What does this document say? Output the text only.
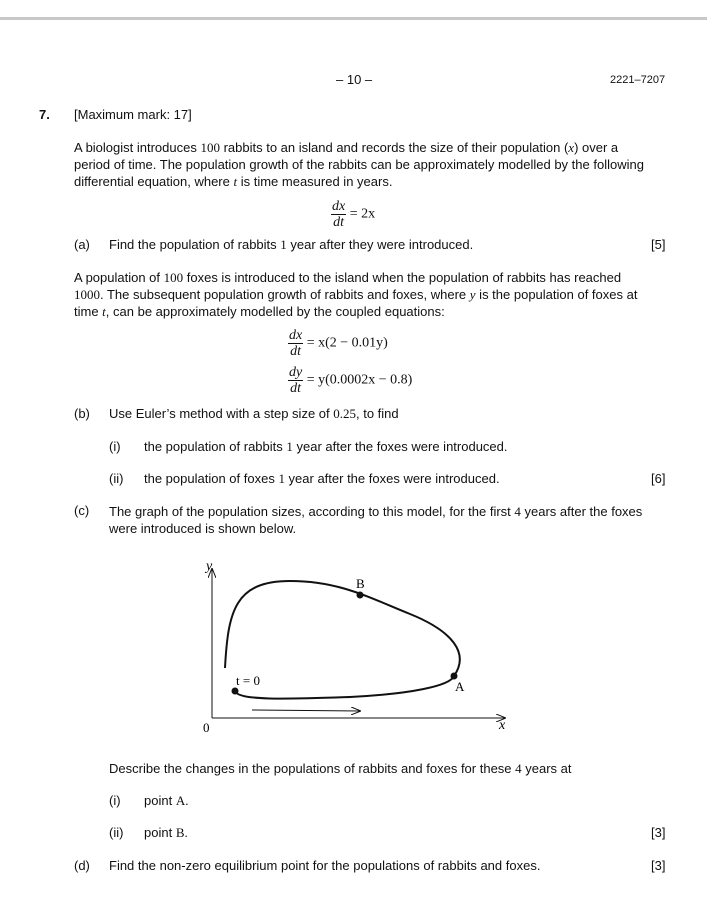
– 10 –	2221–7207
7. [Maximum mark: 17]
A biologist introduces 100 rabbits to an island and records the size of their population (x) over a period of time. The population growth of the rabbits can be approximately modelled by the following differential equation, where t is time measured in years.
$\frac{dx}{dt} = 2x$
(a) Find the population of rabbits 1 year after they were introduced.	[5]
A population of 100 foxes is introduced to the island when the population of rabbits has reached 1000. The subsequent population growth of rabbits and foxes, where y is the population of foxes at time t, can be approximately modelled by the coupled equations:
$\frac{dx}{dt} = x(2 - 0.01y)$
$\frac{dy}{dt} = y(0.0002x - 0.8)$
(b) Use Euler’s method with a step size of 0.25, to find
(i) the population of rabbits 1 year after the foxes were introduced.
(ii) the population of foxes 1 year after the foxes were introduced.	[6]
(c) The graph of the population sizes, according to this model, for the first 4 years after the foxes were introduced is shown below.
y
x
0
t = 0	A
B
Describe the changes in the populations of rabbits and foxes for these 4 years at
(i) point A.
(ii) point B.	[3]
(d) Find the non-zero equilibrium point for the populations of rabbits and foxes.	[3]
